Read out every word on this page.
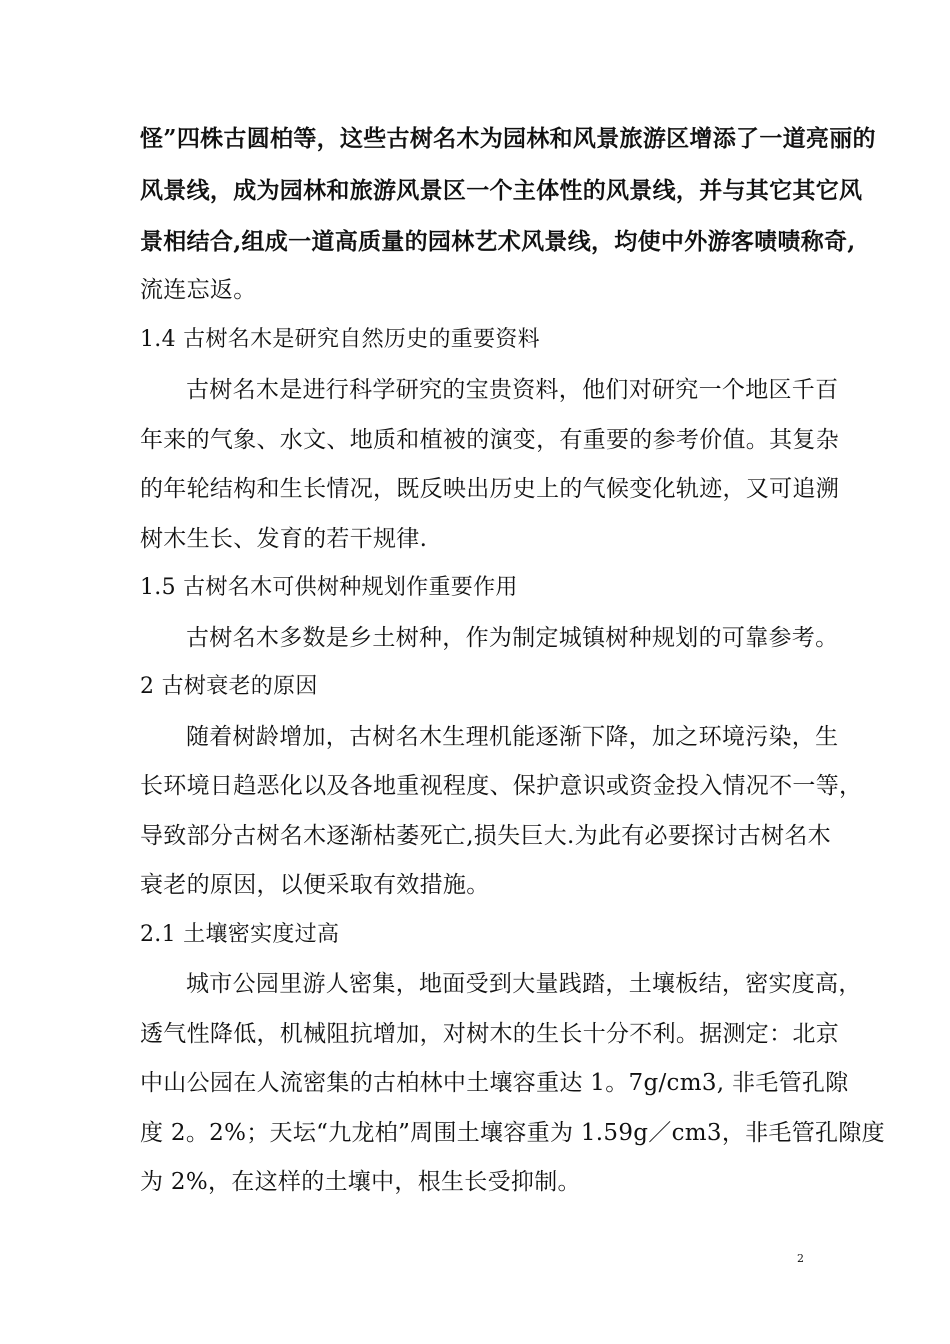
怪”四株古圆柏等，这些古树名木为园林和风景旅游区增添了一道亮丽的
风景线，成为园林和旅游风景区一个主体性的风景线，并与其它其它风
景相结合,组成一道高质量的园林艺术风景线，均使中外游客啧啧称奇,
流连忘返。
1.4 古树名木是研究自然历史的重要资料
古树名木是进行科学研究的宝贵资料，他们对研究一个地区千百
年来的气象、水文、地质和植被的演变，有重要的参考价值。其复杂
的年轮结构和生长情况，既反映出历史上的气候变化轨迹，又可追溯
树木生长、发育的若干规律.
1.5 古树名木可供树种规划作重要作用
古树名木多数是乡土树种，作为制定城镇树种规划的可靠参考。
2 古树衰老的原因
随着树龄增加，古树名木生理机能逐渐下降，加之环境污染，生
长环境日趋恶化以及各地重视程度、保护意识或资金投入情况不一等，
导致部分古树名木逐渐枯萎死亡,损失巨大.为此有必要探讨古树名木
衰老的原因，以便采取有效措施。
2.1 土壤密实度过高
城市公园里游人密集，地面受到大量践踏，土壤板结，密实度高，
透气性降低，机械阻抗增加，对树木的生长十分不利。据测定：北京
中山公园在人流密集的古柏林中土壤容重达 1。7g/cm3, 非毛管孔隙
度 2。2%；天坛“九龙柏”周围土壤容重为 1.59g／cm3，非毛管孔隙度
为 2%，在这样的土壤中，根生长受抑制。
2
